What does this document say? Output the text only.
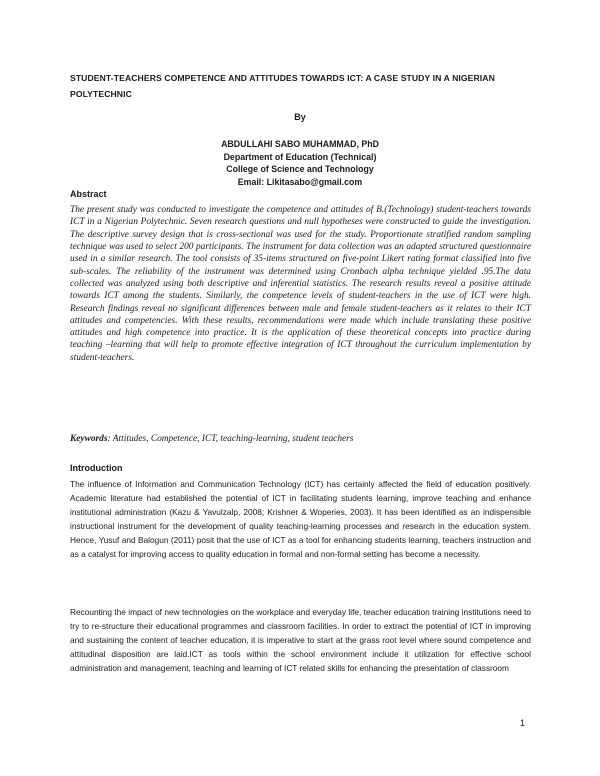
STUDENT-TEACHERS COMPETENCE AND ATTITUDES TOWARDS ICT: A CASE STUDY IN A NIGERIAN POLYTECHNIC
By
ABDULLAHI SABO MUHAMMAD, PhD
Department of Education (Technical)
College of Science and Technology
Email: Likitasabo@gmail.com
Abstract

The present study was conducted to investigate the competence and attitudes of B.(Technology) student-teachers towards ICT in a Nigerian Polytechnic. Seven research questions and null hypotheses were constructed to guide the investigation. The descriptive survey design that is cross-sectional was used for the study. Proportionate stratified random sampling technique was used to select 200 participants. The instrument for data collection was an adapted structured questionnaire used in a similar research. The tool consists of 35-items structured on five-point Likert rating format classified into five sub-scales. The reliability of the instrument was determined using Cronbach alpha technique yielded .95.The data collected was analyzed using both descriptive and inferential statistics. The research results reveal a positive attitude towards ICT among the students. Similarly, the competence levels of student-teachers in the use of ICT were high. Research findings reveal no significant differences between male and female student-teachers as it relates to their ICT attitudes and competencies. With these results, recommendations were made which include translating these positive attitudes and high competence into practice. It is the application of these theoretical concepts into practice during teaching –learning that will help to promote effective integration of ICT throughout the curriculum implementation by student-teachers.

Keywords: Attitudes, Competence, ICT, teaching-learning, student teachers
Introduction

The influence of Information and Communication Technology (ICT) has certainly affected the field of education positively. Academic literature had established the potential of ICT in facilitating students learning, improve teaching and enhance institutional administration (Kazu & Yavulzalp, 2008; Krishner & Woperies, 2003). It has been identified as an indispensible instructional instrument for the development of quality teaching-learning processes and research in the education system. Hence, Yusuf and Balogun (2011) posit that the use of ICT as a tool for enhancing students learning, teachers instruction and as a catalyst for improving access to quality education in formal and non-formal setting has become a necessity.

Recounting the impact of new technologies on the workplace and everyday life, teacher education training institutions need to try to re-structure their educational programmes and classroom facilities. In order to extract the potential of ICT in improving and sustaining the content of teacher education, it is imperative to start at the grass root level where sound competence and attitudinal disposition are laid.ICT as tools within the school environment include it utilization for effective school administration and management, teaching and learning of ICT related skills for enhancing the presentation of classroom

1
